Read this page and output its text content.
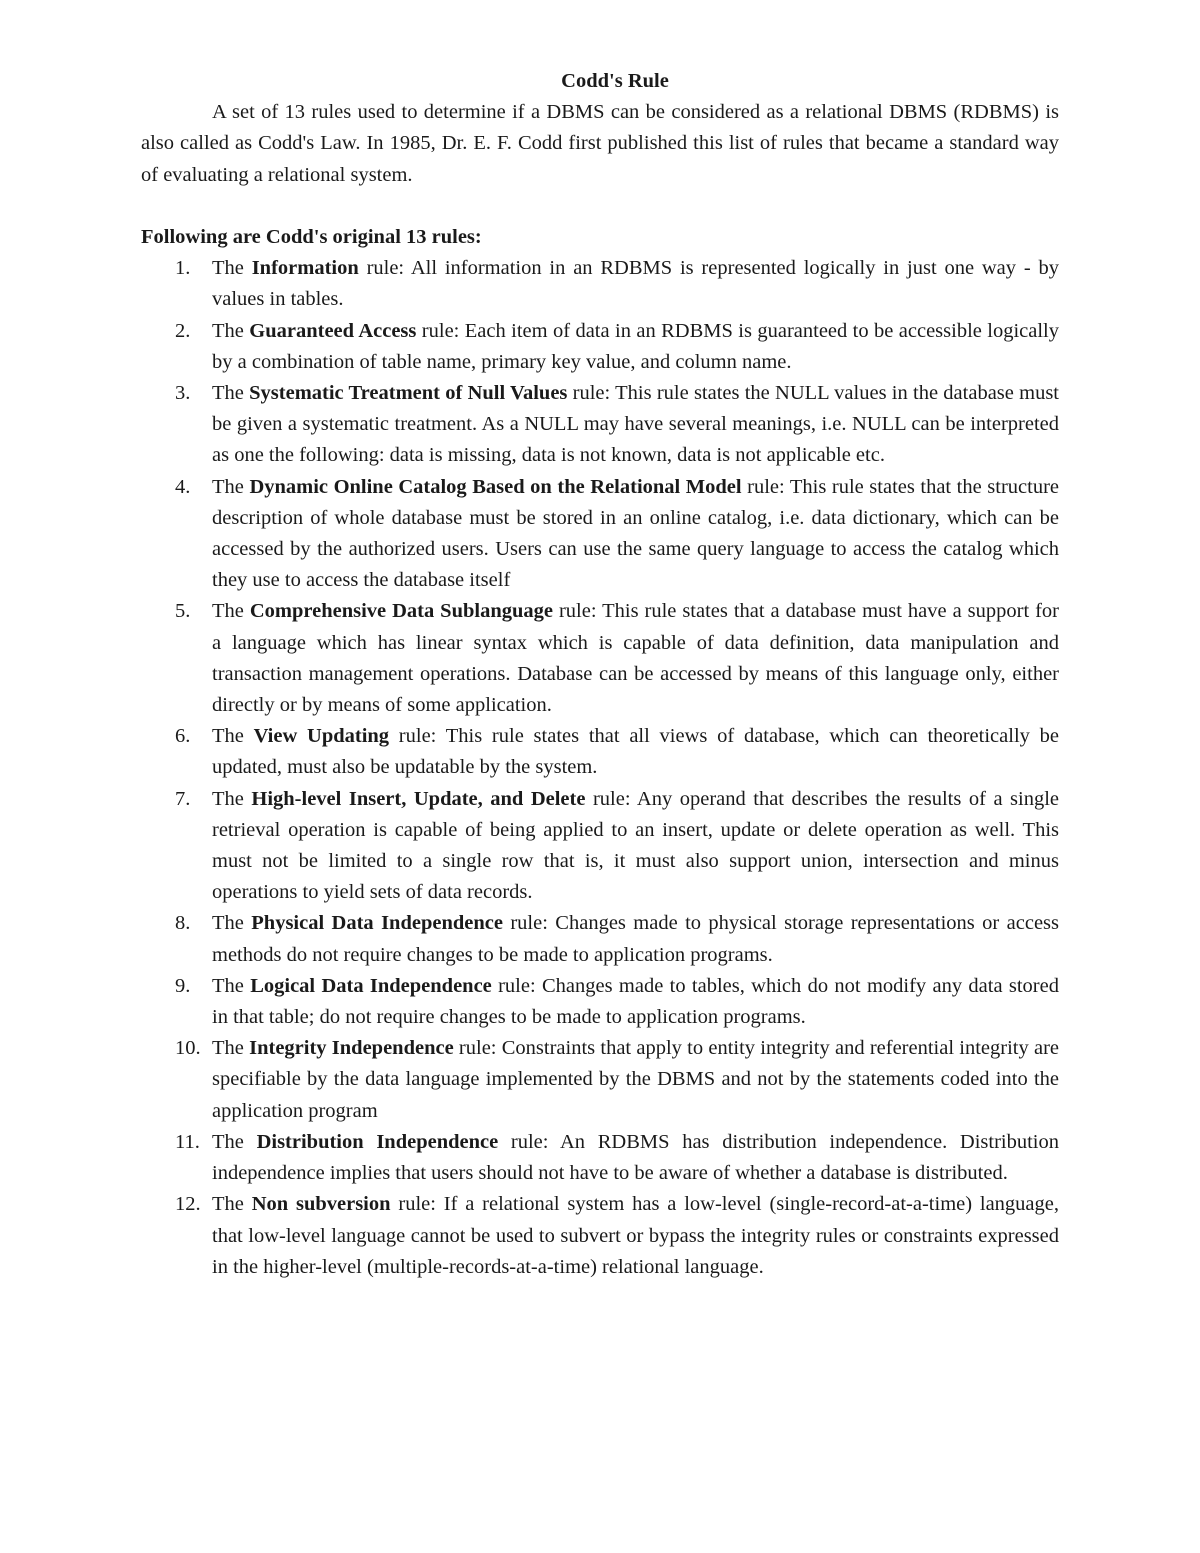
Codd's Rule

A set of 13 rules used to determine if a DBMS can be considered as a relational DBMS (RDBMS) is also called as Codd's Law. In 1985, Dr. E. F. Codd first published this list of rules that became a standard way of evaluating a relational system.

Following are Codd's original 13 rules:

1. The Information rule: All information in an RDBMS is represented logically in just one way - by values in tables.
2. The Guaranteed Access rule: Each item of data in an RDBMS is guaranteed to be accessible logically by a combination of table name, primary key value, and column name.
3. The Systematic Treatment of Null Values rule: This rule states the NULL values in the database must be given a systematic treatment. As a NULL may have several meanings, i.e. NULL can be interpreted as one the following: data is missing, data is not known, data is not applicable etc.
4. The Dynamic Online Catalog Based on the Relational Model rule: This rule states that the structure description of whole database must be stored in an online catalog, i.e. data dictionary, which can be accessed by the authorized users. Users can use the same query language to access the catalog which they use to access the database itself
5. The Comprehensive Data Sublanguage rule: This rule states that a database must have a support for a language which has linear syntax which is capable of data definition, data manipulation and transaction management operations. Database can be accessed by means of this language only, either directly or by means of some application.
6. The View Updating rule: This rule states that all views of database, which can theoretically be updated, must also be updatable by the system.
7. The High-level Insert, Update, and Delete rule: Any operand that describes the results of a single retrieval operation is capable of being applied to an insert, update or delete operation as well. This must not be limited to a single row that is, it must also support union, intersection and minus operations to yield sets of data records.
8. The Physical Data Independence rule: Changes made to physical storage representations or access methods do not require changes to be made to application programs.
9. The Logical Data Independence rule: Changes made to tables, which do not modify any data stored in that table; do not require changes to be made to application programs.
10. The Integrity Independence rule: Constraints that apply to entity integrity and referential integrity are specifiable by the data language implemented by the DBMS and not by the statements coded into the application program
11. The Distribution Independence rule: An RDBMS has distribution independence. Distribution independence implies that users should not have to be aware of whether a database is distributed.
12. The Non subversion rule: If a relational system has a low-level (single-record-at-a-time) language, that low-level language cannot be used to subvert or bypass the integrity rules or constraints expressed in the higher-level (multiple-records-at-a-time) relational language.
